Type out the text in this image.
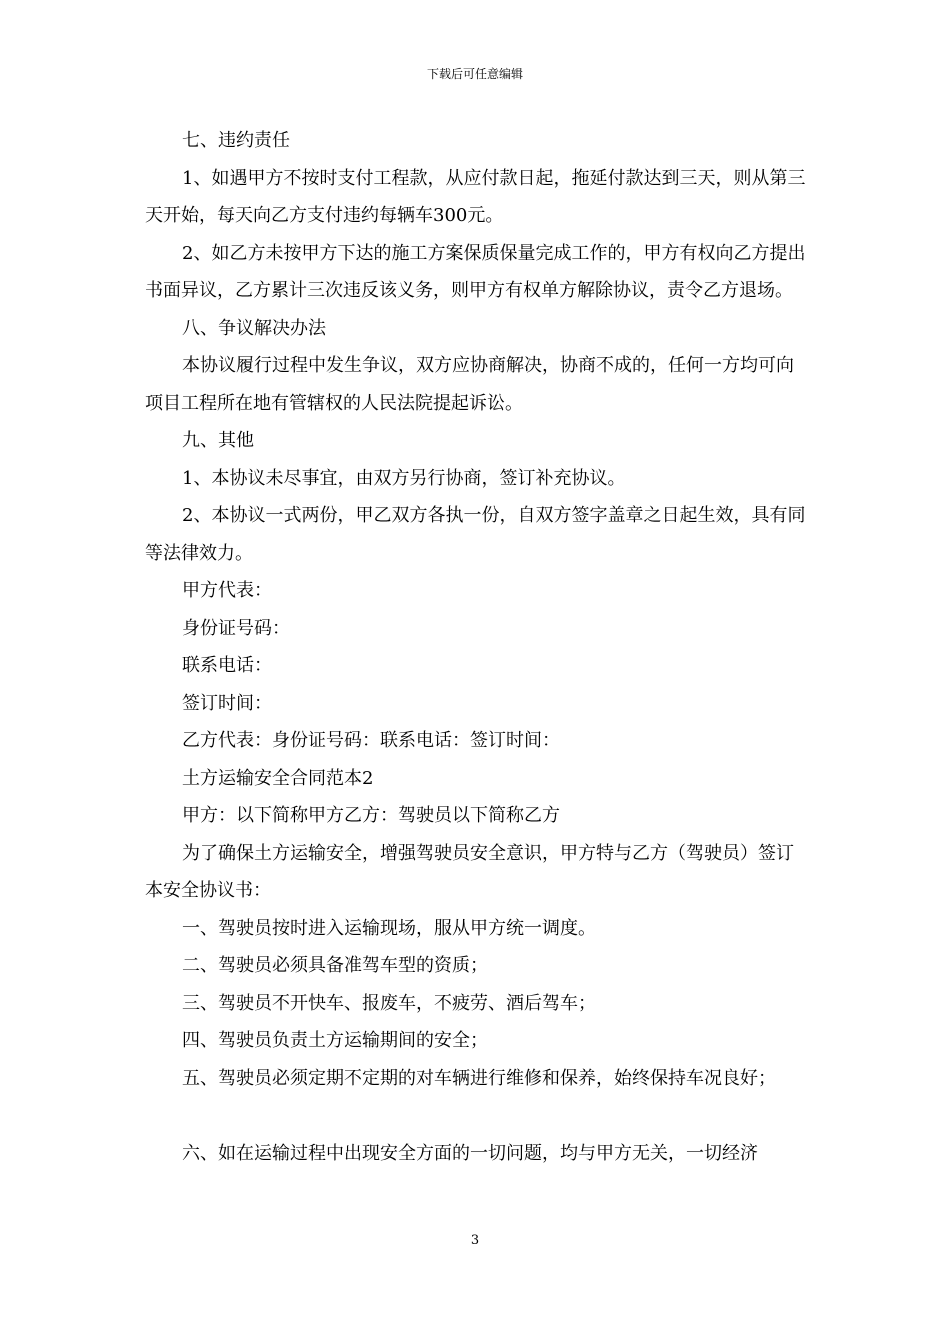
下载后可任意编辑

七、违约责任

1、如遇甲方不按时支付工程款，从应付款日起，拖延付款达到三天，则从第三天开始，每天向乙方支付违约每辆车300元。

2、如乙方未按甲方下达的施工方案保质保量完成工作的，甲方有权向乙方提出书面异议，乙方累计三次违反该义务，则甲方有权单方解除协议，责令乙方退场。

八、争议解决办法

本协议履行过程中发生争议，双方应协商解决，协商不成的，任何一方均可向项目工程所在地有管辖权的人民法院提起诉讼。

九、其他

1、本协议未尽事宜，由双方另行协商，签订补充协议。

2、本协议一式两份，甲乙双方各执一份，自双方签字盖章之日起生效，具有同等法律效力。

甲方代表：

身份证号码：

联系电话：

签订时间：

乙方代表：身份证号码：联系电话：签订时间：

土方运输安全合同范本2

甲方：以下简称甲方乙方：驾驶员以下简称乙方

为了确保土方运输安全，增强驾驶员安全意识，甲方特与乙方（驾驶员）签订本安全协议书：

一、驾驶员按时进入运输现场，服从甲方统一调度。

二、驾驶员必须具备准驾车型的资质；

三、驾驶员不开快车、报废车，不疲劳、酒后驾车；

四、驾驶员负责土方运输期间的安全；

五、驾驶员必须定期不定期的对车辆进行维修和保养，始终保持车况良好；

六、如在运输过程中出现安全方面的一切问题，均与甲方无关，一切经济

3
